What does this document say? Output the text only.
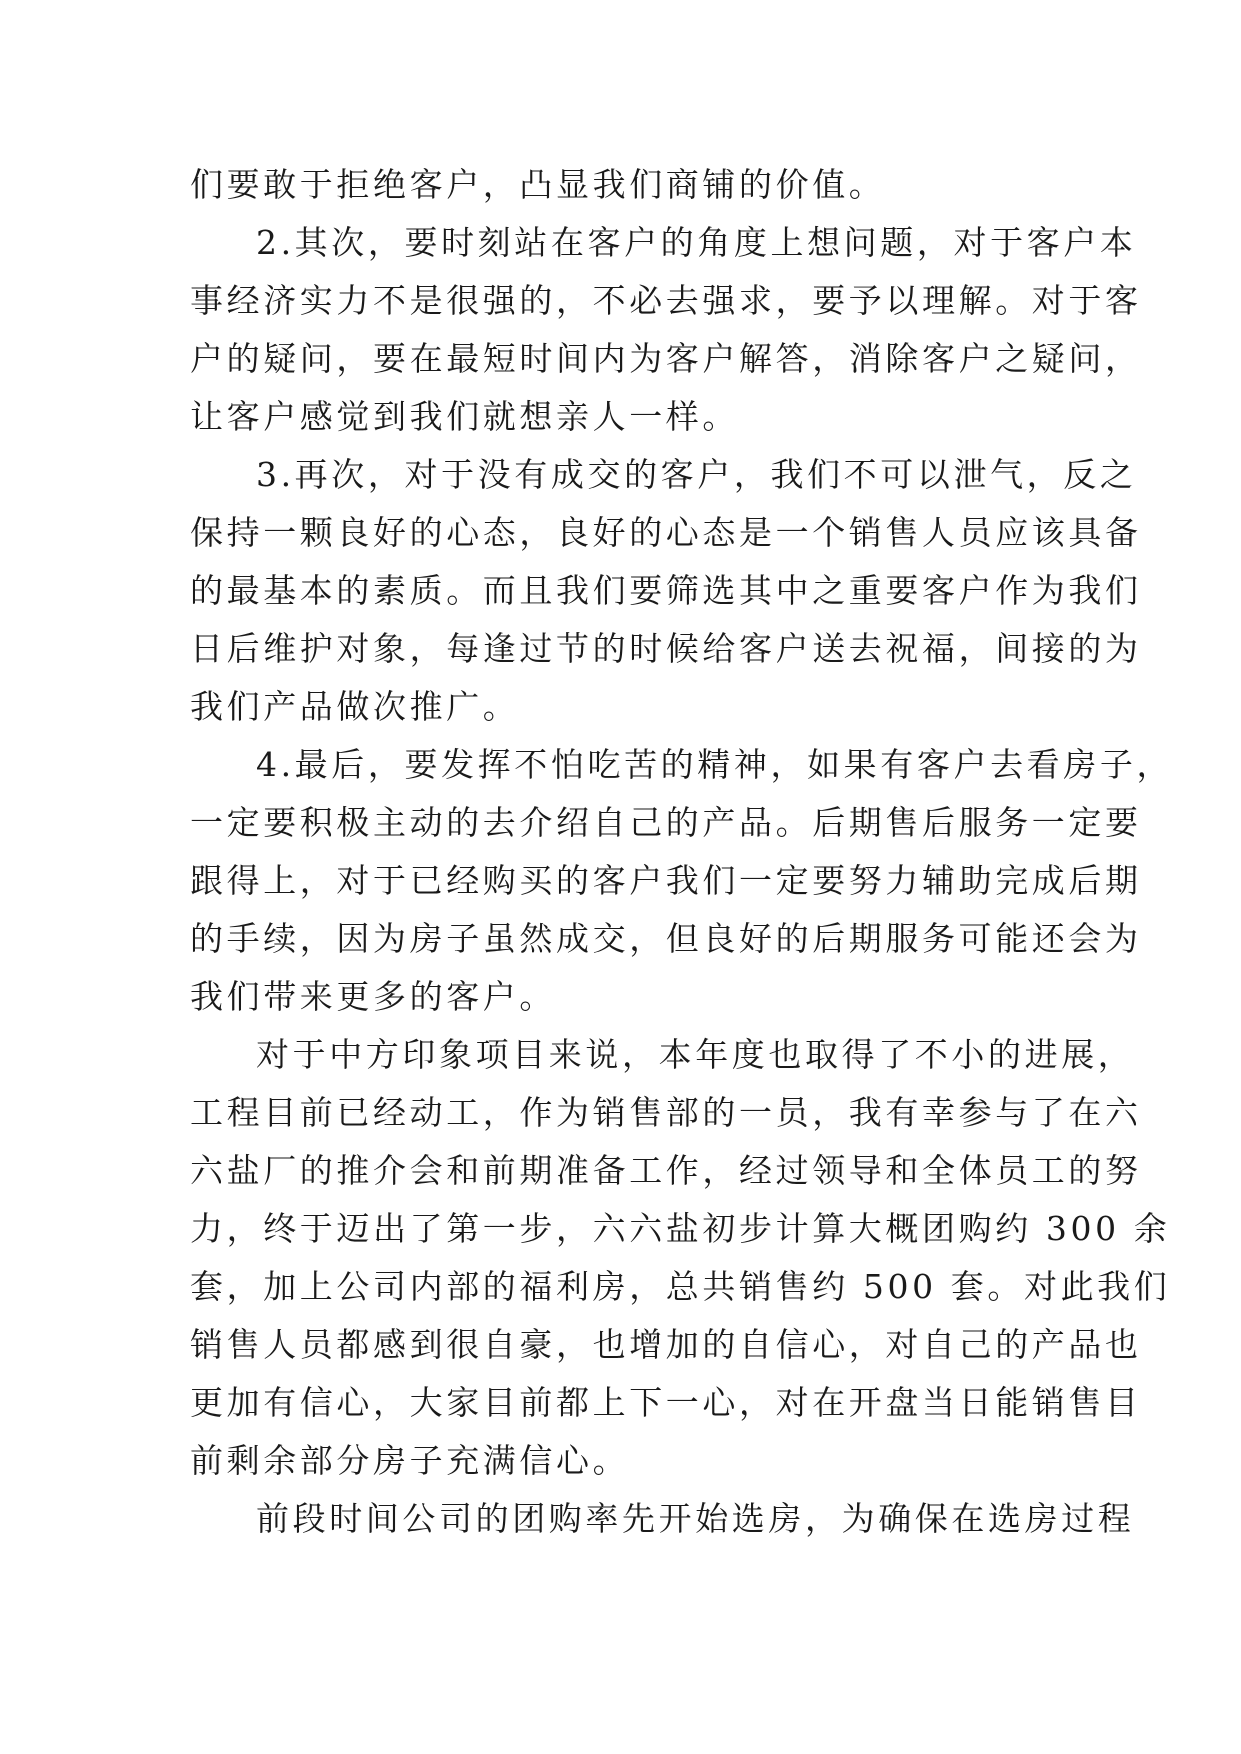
们要敢于拒绝客户，凸显我们商铺的价值。
2.其次，要时刻站在客户的角度上想问题，对于客户本
事经济实力不是很强的，不必去强求，要予以理解。对于客
户的疑问，要在最短时间内为客户解答，消除客户之疑问，
让客户感觉到我们就想亲人一样。
3.再次，对于没有成交的客户，我们不可以泄气，反之
保持一颗良好的心态，良好的心态是一个销售人员应该具备
的最基本的素质。而且我们要筛选其中之重要客户作为我们
日后维护对象，每逢过节的时候给客户送去祝福，间接的为
我们产品做次推广。
4.最后，要发挥不怕吃苦的精神，如果有客户去看房子，
一定要积极主动的去介绍自己的产品。后期售后服务一定要
跟得上，对于已经购买的客户我们一定要努力辅助完成后期
的手续，因为房子虽然成交，但良好的后期服务可能还会为
我们带来更多的客户。
对于中方印象项目来说，本年度也取得了不小的进展，
工程目前已经动工，作为销售部的一员，我有幸参与了在六
六盐厂的推介会和前期准备工作，经过领导和全体员工的努
力，终于迈出了第一步，六六盐初步计算大概团购约 300 余
套，加上公司内部的福利房，总共销售约 500 套。对此我们
销售人员都感到很自豪，也增加的自信心，对自己的产品也
更加有信心，大家目前都上下一心，对在开盘当日能销售目
前剩余部分房子充满信心。
前段时间公司的团购率先开始选房，为确保在选房过程
